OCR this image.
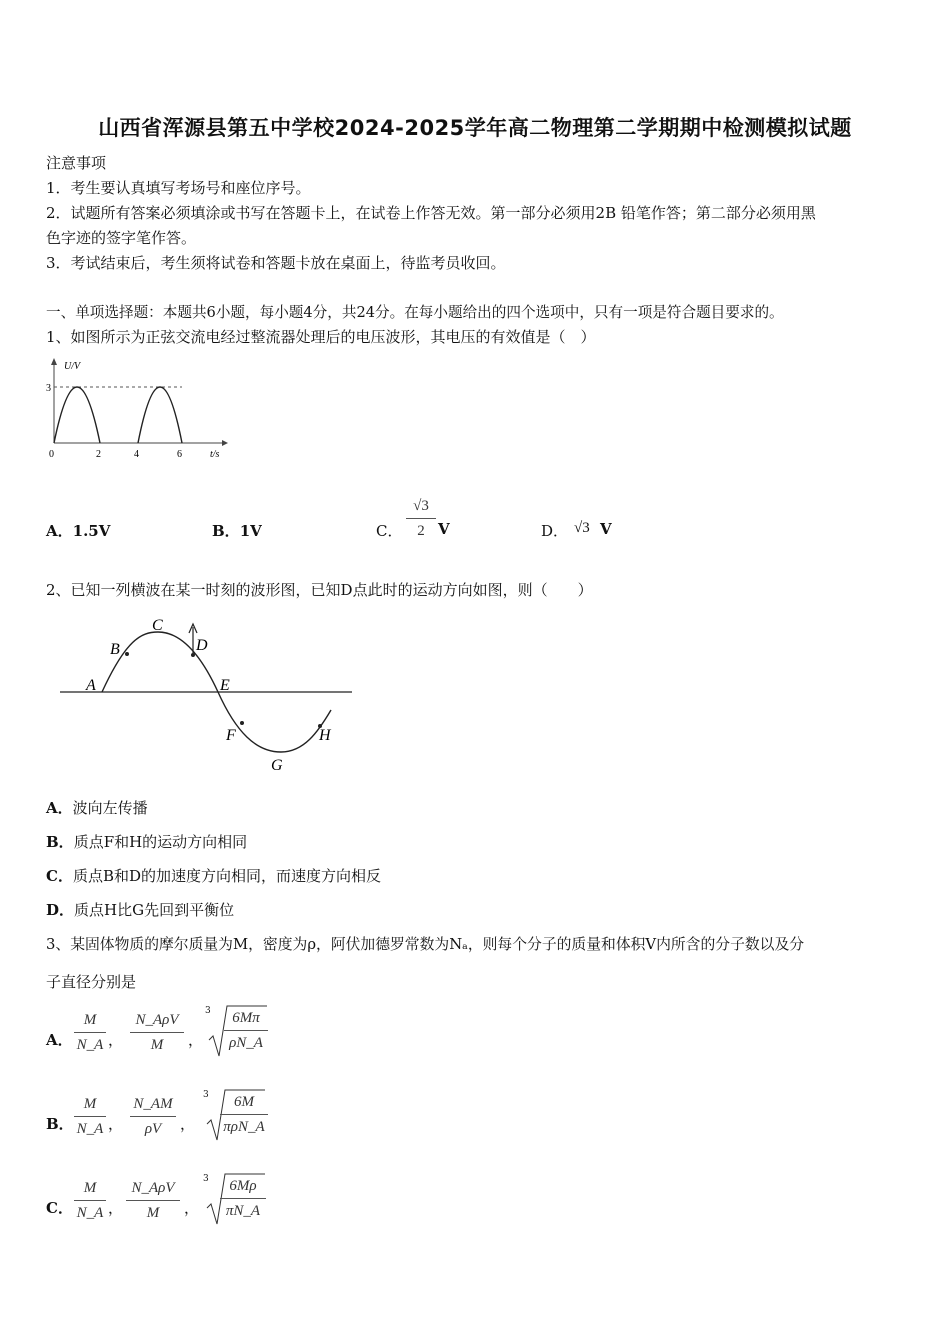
山西省浑源县第五中学校2024-2025学年高二物理第二学期期中检测模拟试题
注意事项
1．考生要认真填写考场号和座位序号。
2．试题所有答案必须填涂或书写在答题卡上，在试卷上作答无效。第一部分必须用2B 铅笔作答；第二部分必须用黑
色字迹的签字笔作答。
3．考试结束后，考生须将试卷和答题卡放在桌面上，待监考员收回。
一、单项选择题：本题共6小题，每小题4分，共24分。在每小题给出的四个选项中，只有一项是符合题目要求的。
1、如图所示为正弦交流电经过整流器处理后的电压波形，其电压的有效值是（　）
U/V
3
0	2	4	6	t/s
A．1.5V	B．1V	C．
√3
2 V	D． √3 V
2、已知一列横波在某一时刻的波形图，已知D点此时的运动方向如图，则（　　）
A
B
C
D
E
F
G
H
A．波向左传播
B．质点F和H的运动方向相同
C．质点B和D的加速度方向相同，而速度方向相反
D．质点H比G先回到平衡位
3、某固体物质的摩尔质量为M，密度为ρ，阿伏加德罗常数为Nₐ，则每个分子的质量和体积V内所含的分子数以及分
子直径分别是
A．
M
N_A ，
N_AρV
M	，
3	6Mπ
ρN_A
B．
M
N_A ，
N_AM
ρV	，
3	6M
πρN_A
C．
M
N_A ，
N_AρV
M	，
3	6Mρ
πN_A
